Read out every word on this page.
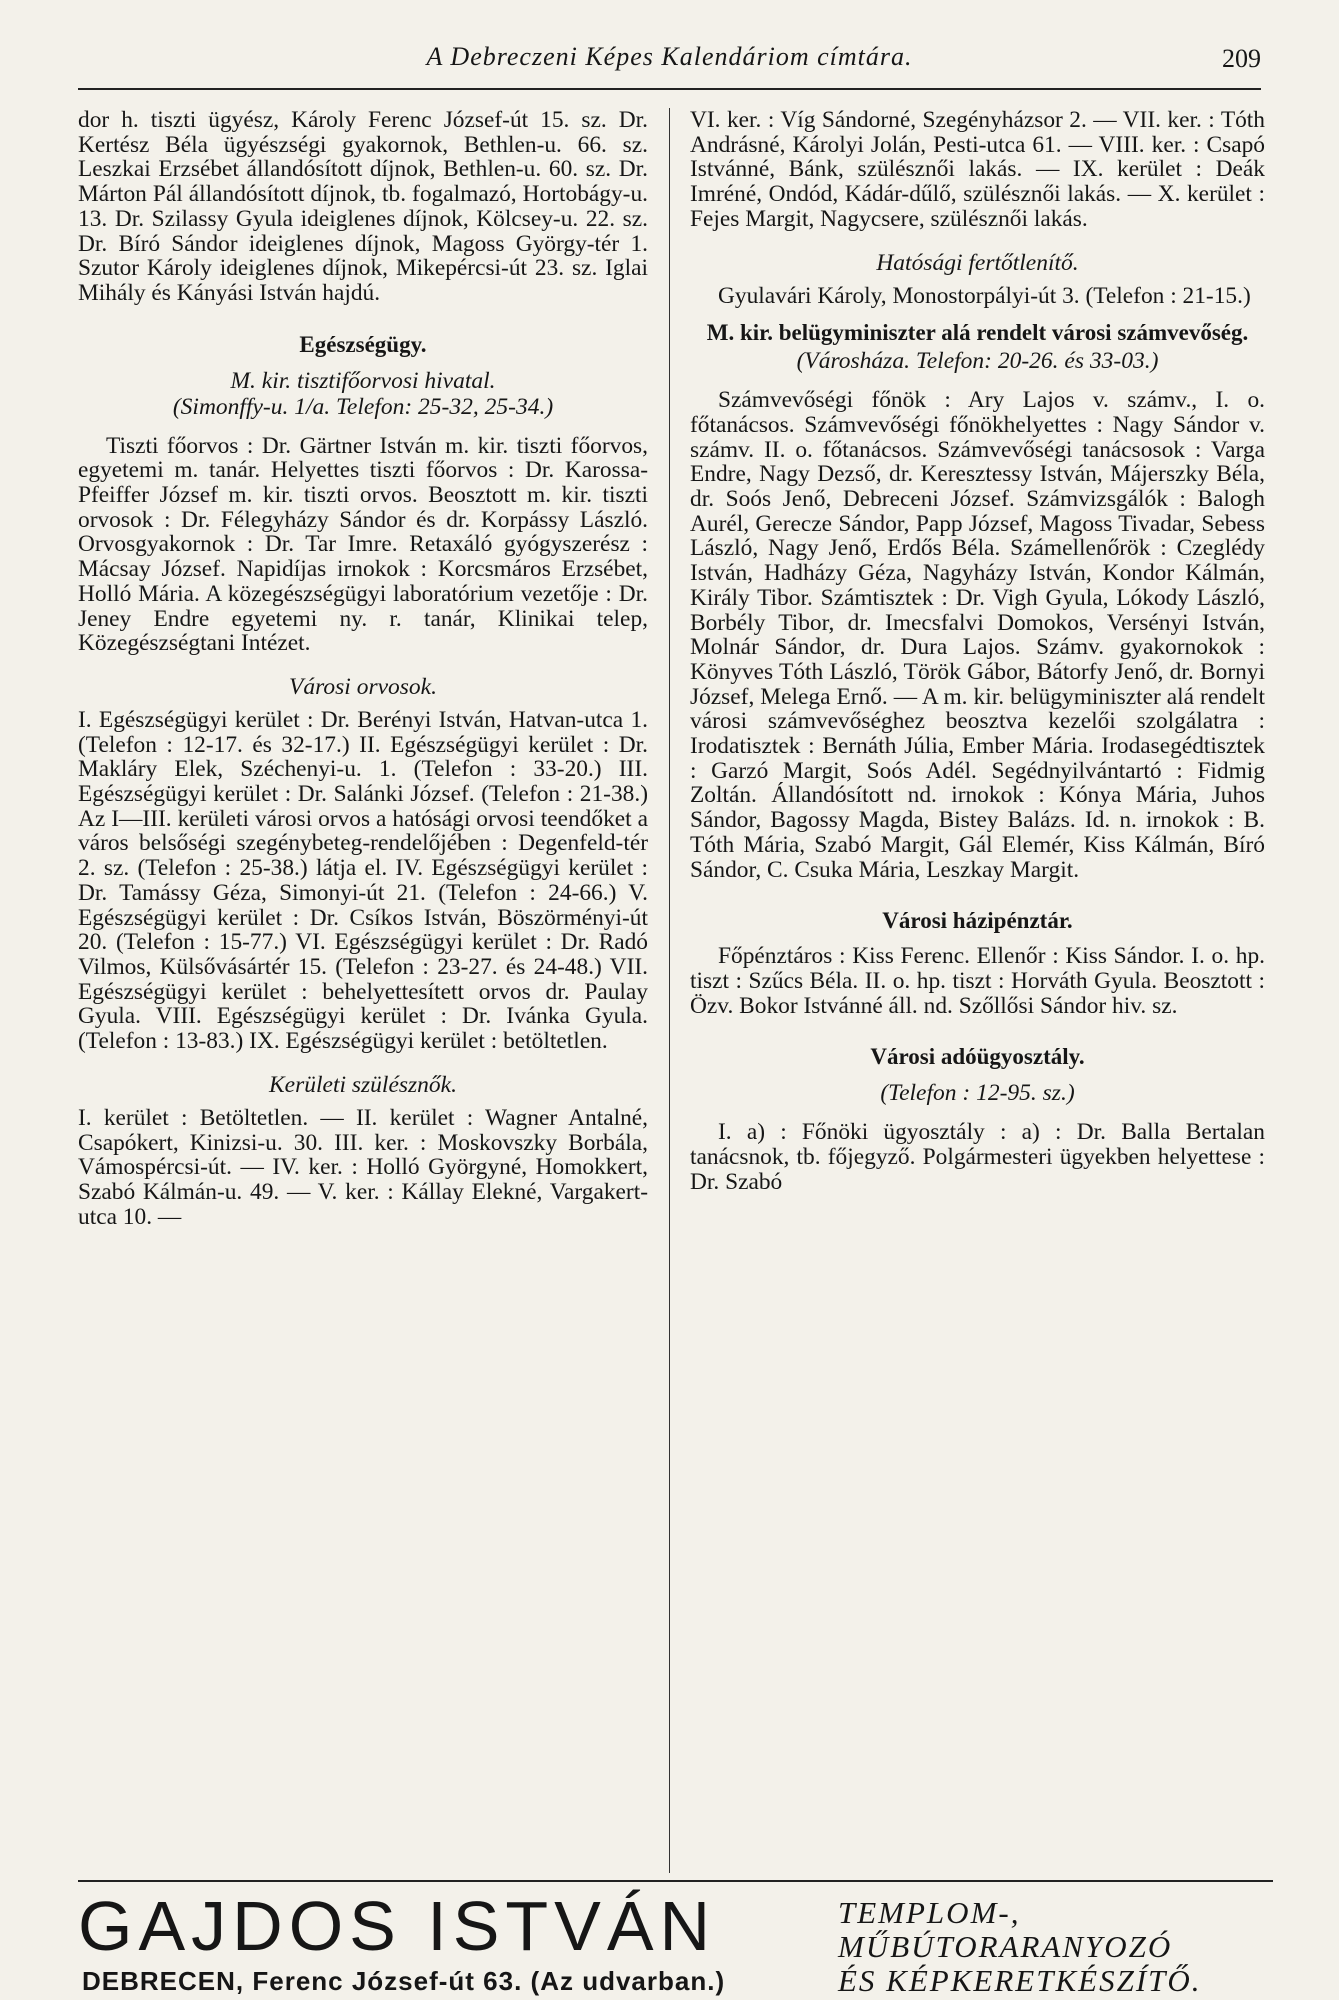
A Debreczeni Képes Kalendáriom címtára.	209

dor h. tiszti ügyész, Károly Ferenc József-út 15. sz. Dr. Kertész Béla ügyészségi gyakornok, Bethlen-u. 66. sz. Leszkai Erzsébet állandósított díjnok, Bethlen-u. 60. sz. Dr. Márton Pál állandósított díjnok, tb. fogalmazó, Hortobágy-u. 13. Dr. Szilassy Gyula ideiglenes díjnok, Kölcsey-u. 22. sz. Dr. Bíró Sándor ideiglenes díjnok, Magoss György-tér 1. Szutor Károly ideiglenes díjnok, Mikepércsi-út 23. sz. Iglai Mihály és Kányási István hajdú.

Egészségügy.
M. kir. tisztifőorvosi hivatal.
(Simonffy-u. 1/a. Telefon: 25-32, 25-34.)

Tiszti főorvos : Dr. Gärtner István m. kir. tiszti főorvos, egyetemi m. tanár. Helyettes tiszti főorvos : Dr. Karossa-Pfeiffer József m. kir. tiszti orvos. Beosztott m. kir. tiszti orvosok : Dr. Félegyházy Sándor és dr. Korpássy László. Orvosgyakornok : Dr. Tar Imre. Retaxáló gyógyszerész : Mácsay József. Napidíjas irnokok : Korcsmáros Erzsébet, Holló Mária. A közegészségügyi laboratórium vezetője : Dr. Jeney Endre egyetemi ny. r. tanár, Klinikai telep, Közegészségtani Intézet.

Városi orvosok.

I. Egészségügyi kerület : Dr. Berényi István, Hatvan-utca 1. (Telefon : 12-17. és 32-17.) II. Egészségügyi kerület : Dr. Makláry Elek, Széchenyi-u. 1. (Telefon : 33-20.) III. Egészségügyi kerület : Dr. Salánki József. (Telefon : 21-38.) Az I—III. kerületi városi orvos a hatósági orvosi teendőket a város belsőségi szegénybeteg-rendelőjében : Degenfeld-tér 2. sz. (Telefon : 25-38.) látja el. IV. Egészségügyi kerület : Dr. Tamássy Géza, Simonyi-út 21. (Telefon : 24-66.) V. Egészségügyi kerület : Dr. Csíkos István, Böszörményi-út 20. (Telefon : 15-77.) VI. Egészségügyi kerület : Dr. Radó Vilmos, Külsővásártér 15. (Telefon : 23-27. és 24-48.) VII. Egészségügyi kerület : behelyettesített orvos dr. Paulay Gyula. VIII. Egészségügyi kerület : Dr. Ivánka Gyula. (Telefon : 13-83.) IX. Egészségügyi kerület : betöltetlen.

Kerületi szülésznők.

I. kerület : Betöltetlen. — II. kerület : Wagner Antalné, Csapókert, Kinizsi-u. 30. III. ker. : Moskovszky Borbála, Vámospércsi-út. — IV. ker. : Holló Györgyné, Homokkert, Szabó Kálmán-u. 49. — V. ker. : Kállay Elekné, Vargakert-utca 10. —

VI. ker. : Víg Sándorné, Szegényházsor 2. — VII. ker. : Tóth Andrásné, Károlyi Jolán, Pesti-utca 61. — VIII. ker. : Csapó Istvánné, Bánk, szülésznői lakás. — IX. kerület : Deák Imréné, Ondód, Kádár-dűlő, szülésznői lakás. — X. kerület : Fejes Margit, Nagycsere, szülésznői lakás.

Hatósági fertőtlenítő.

Gyulavári Károly, Monostorpályi-út 3. (Telefon : 21-15.)

M. kir. belügyminiszter alá rendelt városi számvevőség.
(Városháza. Telefon: 20-26. és 33-03.)

Számvevőségi főnök : Ary Lajos v. számv., I. o. főtanácsos. Számvevőségi főnökhelyettes : Nagy Sándor v. számv. II. o. főtanácsos. Számvevőségi tanácsosok : Varga Endre, Nagy Dezső, dr. Keresztessy István, Májerszky Béla, dr. Soós Jenő, Debreceni József. Számvizsgálók : Balogh Aurél, Gerecze Sándor, Papp József, Magoss Tivadar, Sebess László, Nagy Jenő, Erdős Béla. Számellenőrök : Czeglédy István, Hadházy Géza, Nagyházy István, Kondor Kálmán, Király Tibor. Számtisztek : Dr. Vigh Gyula, Lókody László, Borbély Tibor, dr. Imecsfalvi Domokos, Versényi István, Molnár Sándor, dr. Dura Lajos. Számv. gyakornokok : Könyves Tóth László, Török Gábor, Bátorfy Jenő, dr. Bornyi József, Melega Ernő. — A m. kir. belügyminiszter alá rendelt városi számvevőséghez beosztva kezelői szolgálatra : Irodatisztek : Bernáth Júlia, Ember Mária. Irodasegédtisztek : Garzó Margit, Soós Adél. Segédnyilvántartó : Fidmig Zoltán. Állandósított nd. irnokok : Kónya Mária, Juhos Sándor, Bagossy Magda, Bistey Balázs. Id. n. irnokok : B. Tóth Mária, Szabó Margit, Gál Elemér, Kiss Kálmán, Bíró Sándor, C. Csuka Mária, Leszkay Margit.

Városi házipénztár.

Főpénztáros : Kiss Ferenc. Ellenőr : Kiss Sándor. I. o. hp. tiszt : Szűcs Béla. II. o. hp. tiszt : Horváth Gyula. Beosztott : Özv. Bokor Istvánné áll. nd. Szőllősi Sándor hiv. sz.

Városi adóügyosztály.
(Telefon : 12-95. sz.)

I. a) : Főnöki ügyosztály : a) : Dr. Balla Bertalan tanácsnok, tb. főjegyző. Polgármesteri ügyekben helyettese : Dr. Szabó

GAJDOS ISTVÁN
DEBRECEN, Ferenc József-út 63. (Az udvarban.)
TEMPLOM-,
MŰBÚTORARANYOZÓ
ÉS KÉPKERETKÉSZÍTŐ.
